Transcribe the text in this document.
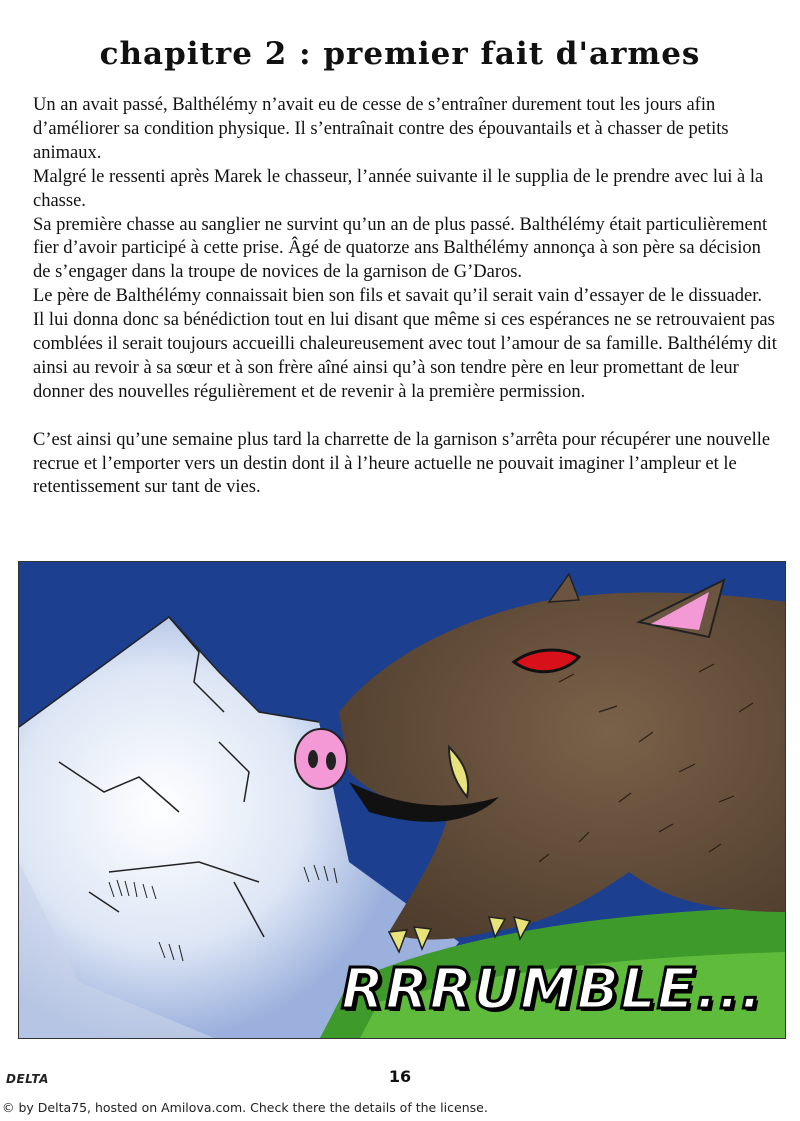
chapitre 2 : premier fait d'armes

Un an avait passé, Balthélémy n’avait eu de cesse de s’entraîner durement tout les jours afin d’améliorer sa condition physique. Il s’entraînait contre des épouvantails et à chasser de petits animaux.

Malgré le ressenti après Marek le chasseur, l’année suivante il le supplia de le prendre avec lui à la chasse.

Sa première chasse au sanglier ne survint qu’un an de plus passé. Balthélémy était particulièrement fier d’avoir participé à cette prise. Âgé de quatorze ans Balthélémy annonça à son père sa décision de s’engager dans la troupe de novices de la garnison de G’Daros.

Le père de Balthélémy connaissait bien son fils et savait qu’il serait vain d’essayer de le dissuader.

Il lui donna donc sa bénédiction tout en lui disant que même si ces espérances ne se retrouvaient pas comblées il serait toujours accueilli chaleureusement avec tout l’amour de sa famille. Balthélémy dit ainsi au revoir à sa sœur et à son frère aîné ainsi qu’à son tendre père en leur promettant de leur donner des nouvelles régulièrement et de revenir à la première permission.

C’est ainsi qu’une semaine plus tard la charrette de la garnison s’arrêta pour récupérer une nouvelle recrue et l’emporter vers un destin dont il à l’heure actuelle ne pouvait imaginer l’ampleur et le retentissement sur tant de vies.

RRRUMBLE...
DELTA	16
© by Delta75, hosted on Amilova.com. Check there the details of the license.
